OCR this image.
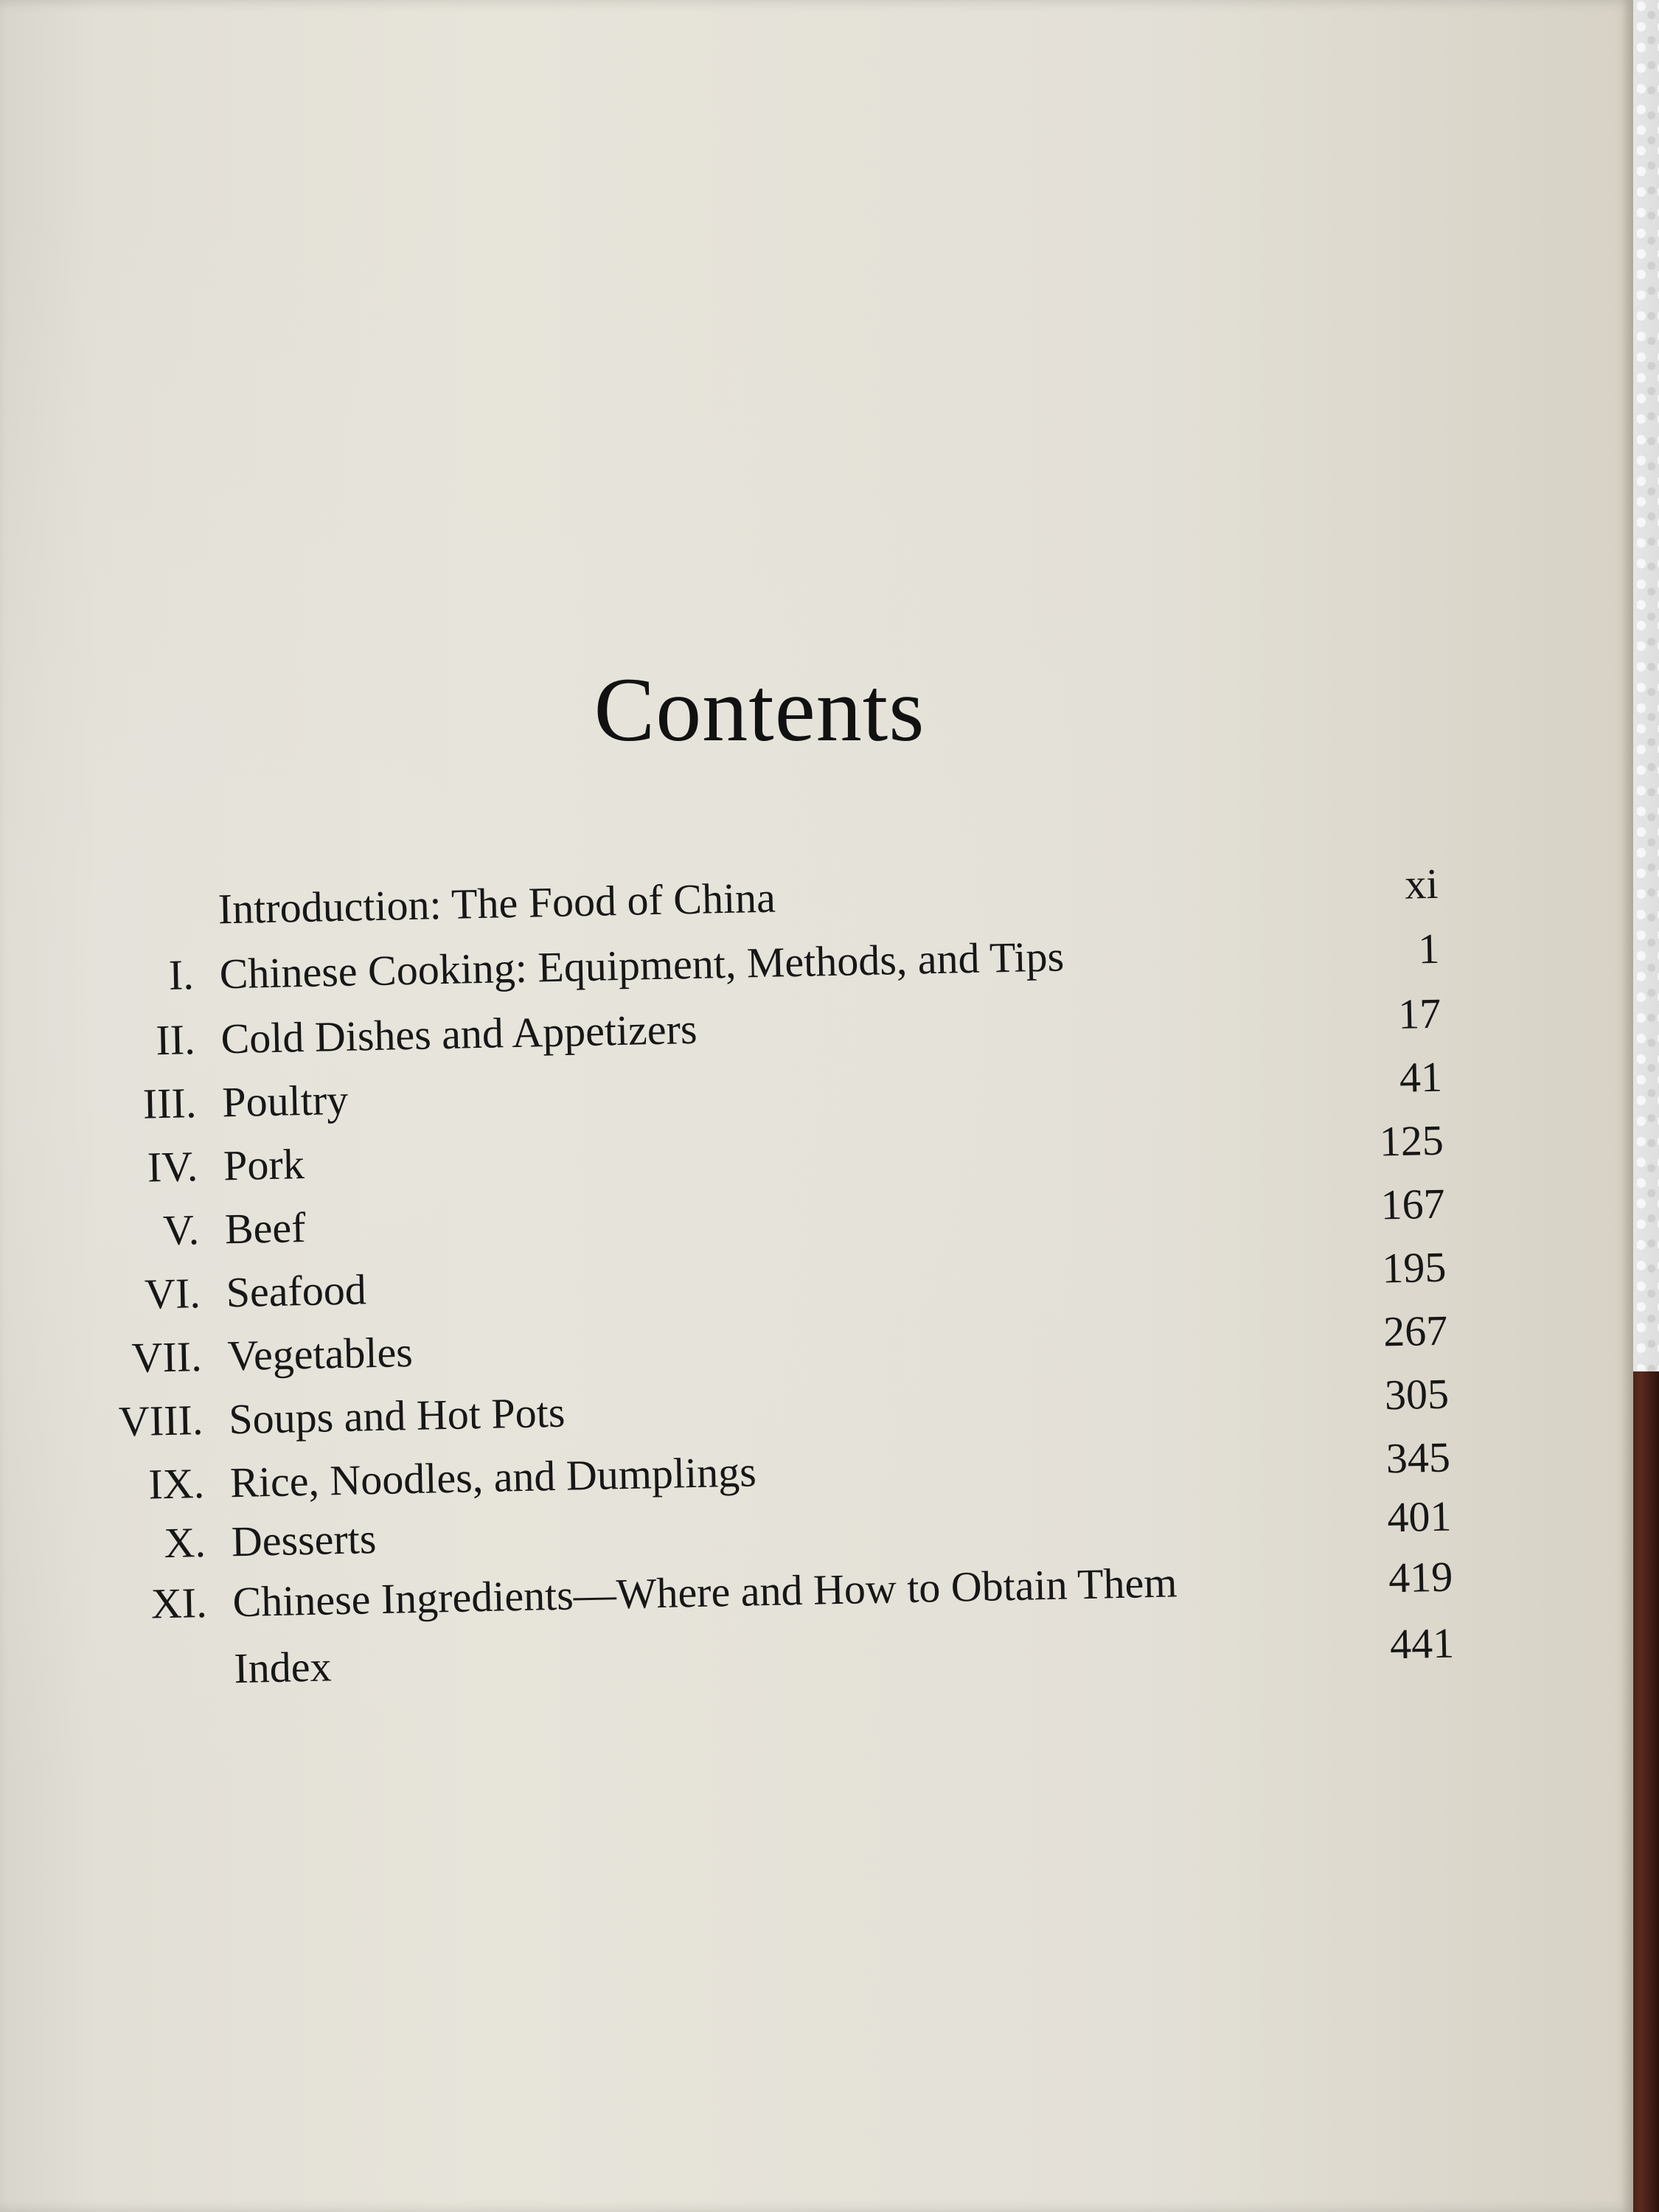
Contents
Introduction: The Food of China	xi
I. Chinese Cooking: Equipment, Methods, and Tips	1
II. Cold Dishes and Appetizers	17
III. Poultry	41
IV. Pork	125
V. Beef	167
VI. Seafood	195
VII. Vegetables	267
VIII. Soups and Hot Pots	305
IX. Rice, Noodles, and Dumplings	345
X. Desserts	401
XI. Chinese Ingredients—Where and How to Obtain Them	419
Index	441
